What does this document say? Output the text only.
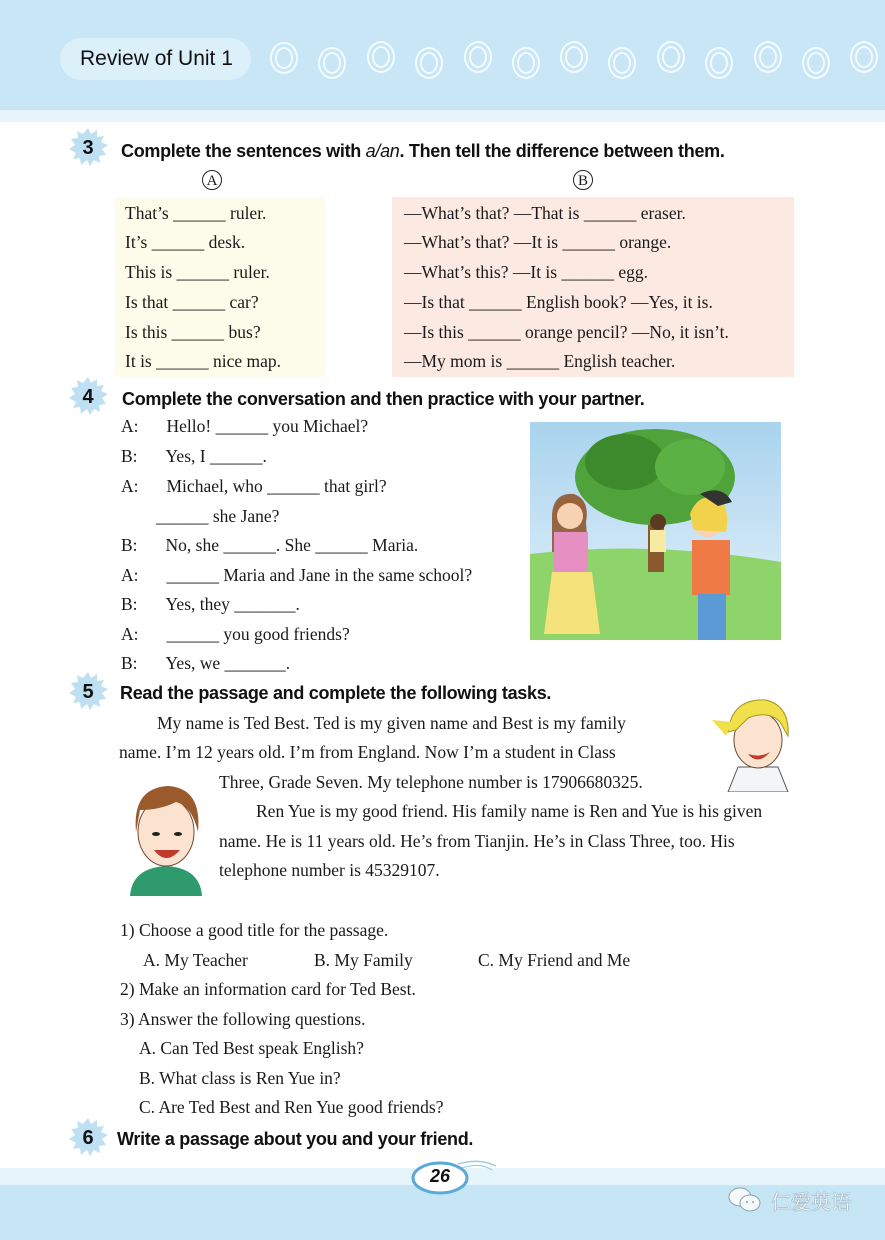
Review of Unit 1
3	Complete the sentences with a/an. Then tell the difference between them.
A	B
That’s ______ ruler.
It’s ______ desk.
This is ______ ruler.
Is that ______ car?
Is this ______ bus?
It is ______ nice map.
—What’s that? —That is ______ eraser.
—What’s that? —It is ______ orange.
—What’s this? —It is ______ egg.
—Is that ______ English book? —Yes, it is.
—Is this ______ orange pencil? —No, it isn’t.
—My mom is ______ English teacher.
4	Complete the conversation and then practice with your partner.
A: Hello! ______ you Michael?
B: Yes, I ______.
A: Michael, who ______ that girl?
______ she Jane?
B: No, she ______. She ______ Maria.
A: ______ Maria and Jane in the same school?
B: Yes, they _______.
A: ______ you good friends?
B: Yes, we _______.
5	Read the passage and complete the following tasks.
My name is Ted Best. Ted is my given name and Best is my family
name. I’m 12 years old. I’m from England. Now I’m a student in Class
Three, Grade Seven. My telephone number is 17906680325.
Ren Yue is my good friend. His family name is Ren and Yue is his given
name. He is 11 years old. He’s from Tianjin. He’s in Class Three, too. His
telephone number is 45329107.
1) Choose a good title for the passage.
A. My Teacher	B. My Family	C. My Friend and Me
2) Make an information card for Ted Best.
3) Answer the following questions.
A. Can Ted Best speak English?
B. What class is Ren Yue in?
C. Are Ted Best and Ren Yue good friends?
6	Write a passage about you and your friend.
26
仁爱英语
